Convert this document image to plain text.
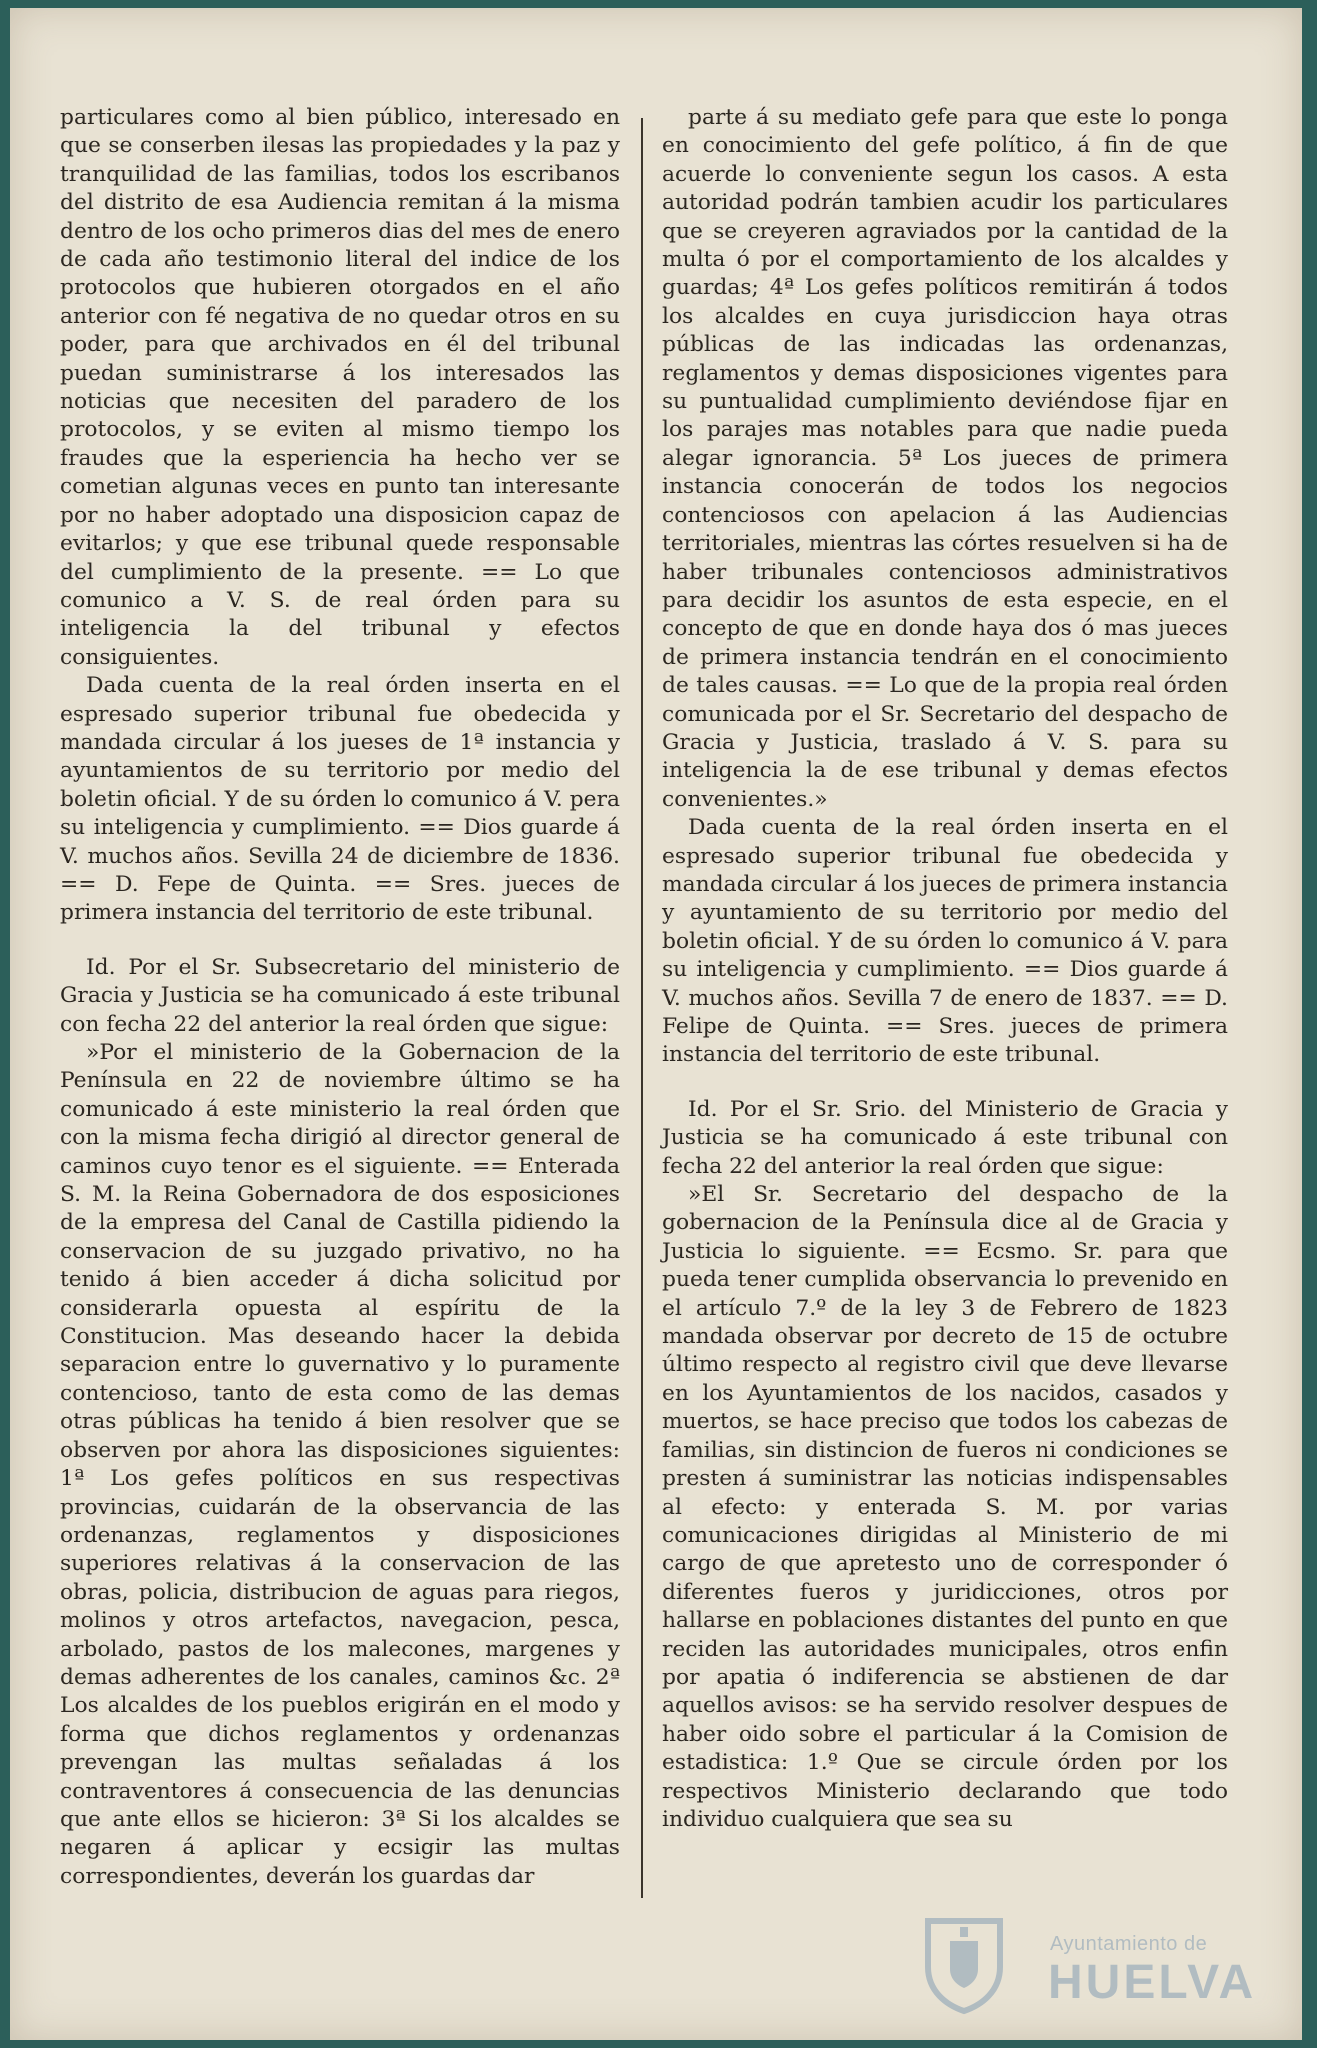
particulares como al bien público, interesado en que se conserben ilesas las propiedades y la paz y tranquilidad de las familias, todos los escribanos del distrito de esa Audiencia remitan á la misma dentro de los ocho primeros dias del mes de enero de cada año testimonio literal del indice de los protocolos que hubieren otorgados en el año anterior con fé negativa de no quedar otros en su poder, para que archivados en él del tribunal puedan suministrarse á los interesados las noticias que necesiten del paradero de los protocolos, y se eviten al mismo tiempo los fraudes que la esperiencia ha hecho ver se cometian algunas veces en punto tan interesante por no haber adoptado una disposicion capaz de evitarlos; y que ese tribunal quede responsable del cumplimiento de la presente. == Lo que comunico a V. S. de real órden para su inteligencia la del tribunal y efectos consiguientes.

Dada cuenta de la real órden inserta en el espresado superior tribunal fue obedecida y mandada circular á los jueses de 1ª instancia y ayuntamientos de su territorio por medio del boletin oficial. Y de su órden lo comunico á V. pera su inteligencia y cumplimiento. == Dios guarde á V. muchos años. Sevilla 24 de diciembre de 1836. == D. Fepe de Quinta. == Sres. jueces de primera instancia del territorio de este tribunal.

Id. Por el Sr. Subsecretario del ministerio de Gracia y Justicia se ha comunicado á este tribunal con fecha 22 del anterior la real órden que sigue:

»Por el ministerio de la Gobernacion de la Península en 22 de noviembre último se ha comunicado á este ministerio la real órden que con la misma fecha dirigió al director general de caminos cuyo tenor es el siguiente. == Enterada S. M. la Reina Gobernadora de dos esposiciones de la empresa del Canal de Castilla pidiendo la conservacion de su juzgado privativo, no ha tenido á bien acceder á dicha solicitud por considerarla opuesta al espíritu de la Constitucion. Mas deseando hacer la debida separacion entre lo guvernativo y lo puramente contencioso, tanto de esta como de las demas otras públicas ha tenido á bien resolver que se observen por ahora las disposiciones siguientes: 1ª Los gefes políticos en sus respectivas provincias, cuidarán de la observancia de las ordenanzas, reglamentos y disposiciones superiores relativas á la conservacion de las obras, policia, distribucion de aguas para riegos, molinos y otros artefactos, navegacion, pesca, arbolado, pastos de los malecones, margenes y demas adherentes de los canales, caminos &c. 2ª Los alcaldes de los pueblos erigirán en el modo y forma que dichos reglamentos y ordenanzas prevengan las multas señaladas á los contraventores á consecuencia de las denuncias que ante ellos se hicieron: 3ª Si los alcaldes se negaren á aplicar y ecsigir las multas correspondientes, deverán los guardas dar

parte á su mediato gefe para que este lo ponga en conocimiento del gefe político, á fin de que acuerde lo conveniente segun los casos. A esta autoridad podrán tambien acudir los particulares que se creyeren agraviados por la cantidad de la multa ó por el comportamiento de los alcaldes y guardas; 4ª Los gefes políticos remitirán á todos los alcaldes en cuya jurisdiccion haya otras públicas de las indicadas las ordenanzas, reglamentos y demas disposiciones vigentes para su puntualidad cumplimiento deviéndose fijar en los parajes mas notables para que nadie pueda alegar ignorancia. 5ª Los jueces de primera instancia conocerán de todos los negocios contenciosos con apelacion á las Audiencias territoriales, mientras las córtes resuelven si ha de haber tribunales contenciosos administrativos para decidir los asuntos de esta especie, en el concepto de que en donde haya dos ó mas jueces de primera instancia tendrán en el conocimiento de tales causas. == Lo que de la propia real órden comunicada por el Sr. Secretario del despacho de Gracia y Justicia, traslado á V. S. para su inteligencia la de ese tribunal y demas efectos convenientes.»

Dada cuenta de la real órden inserta en el espresado superior tribunal fue obedecida y mandada circular á los jueces de primera instancia y ayuntamiento de su territorio por medio del boletin oficial. Y de su órden lo comunico á V. para su inteligencia y cumplimiento. == Dios guarde á V. muchos años. Sevilla 7 de enero de 1837. == D. Felipe de Quinta. == Sres. jueces de primera instancia del territorio de este tribunal.

Id. Por el Sr. Srio. del Ministerio de Gracia y Justicia se ha comunicado á este tribunal con fecha 22 del anterior la real órden que sigue:

»El Sr. Secretario del despacho de la gobernacion de la Península dice al de Gracia y Justicia lo siguiente. == Ecsmo. Sr. para que pueda tener cumplida observancia lo prevenido en el artículo 7.º de la ley 3 de Febrero de 1823 mandada observar por decreto de 15 de octubre último respecto al registro civil que deve llevarse en los Ayuntamientos de los nacidos, casados y muertos, se hace preciso que todos los cabezas de familias, sin distincion de fueros ni condiciones se presten á suministrar las noticias indispensables al efecto: y enterada S. M. por varias comunicaciones dirigidas al Ministerio de mi cargo de que apretesto uno de corresponder ó diferentes fueros y juridicciones, otros por hallarse en poblaciones distantes del punto en que reciden las autoridades municipales, otros enfin por apatia ó indiferencia se abstienen de dar aquellos avisos: se ha servido resolver despues de haber oido sobre el particular á la Comision de estadistica: 1.º Que se circule órden por los respectivos Ministerio declarando que todo individuo cualquiera que sea su

Ayuntamiento de
HUELVA
